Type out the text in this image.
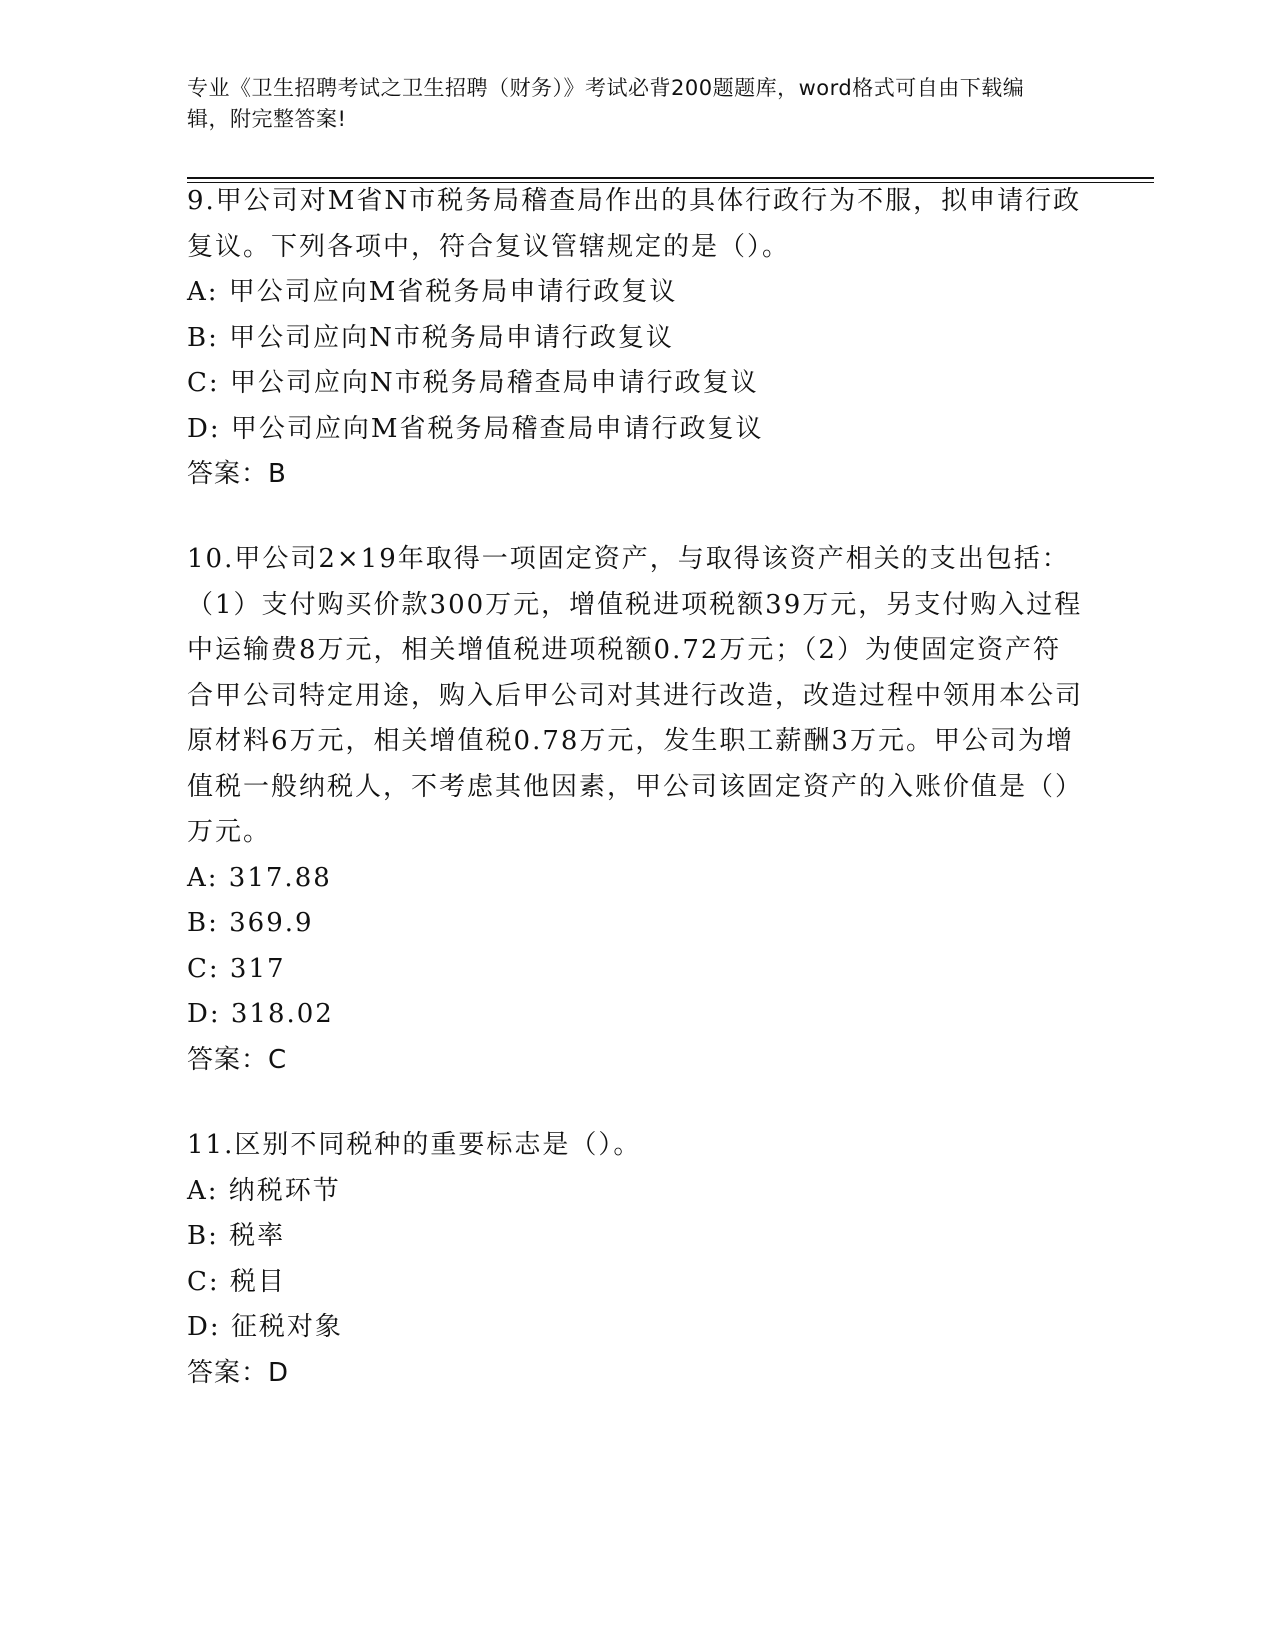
专业《卫生招聘考试之卫生招聘（财务）》考试必背200题题库，word格式可自由下载编辑，附完整答案!
9.甲公司对M省N市税务局稽查局作出的具体行政行为不服，拟申请行政复议。下列各项中，符合复议管辖规定的是（）。
A: 甲公司应向M省税务局申请行政复议
B: 甲公司应向N市税务局申请行政复议
C: 甲公司应向N市税务局稽查局申请行政复议
D: 甲公司应向M省税务局稽查局申请行政复议
答案：B
10.甲公司2×19年取得一项固定资产，与取得该资产相关的支出包括：（1）支付购买价款300万元，增值税进项税额39万元，另支付购入过程中运输费8万元，相关增值税进项税额0.72万元；（2）为使固定资产符合甲公司特定用途，购入后甲公司对其进行改造，改造过程中领用本公司原材料6万元，相关增值税0.78万元，发生职工薪酬3万元。甲公司为增值税一般纳税人，不考虑其他因素，甲公司该固定资产的入账价值是（）万元。
A: 317.88
B: 369.9
C: 317
D: 318.02
答案：C
11.区别不同税种的重要标志是（）。
A: 纳税环节
B: 税率
C: 税目
D: 征税对象
答案：D
